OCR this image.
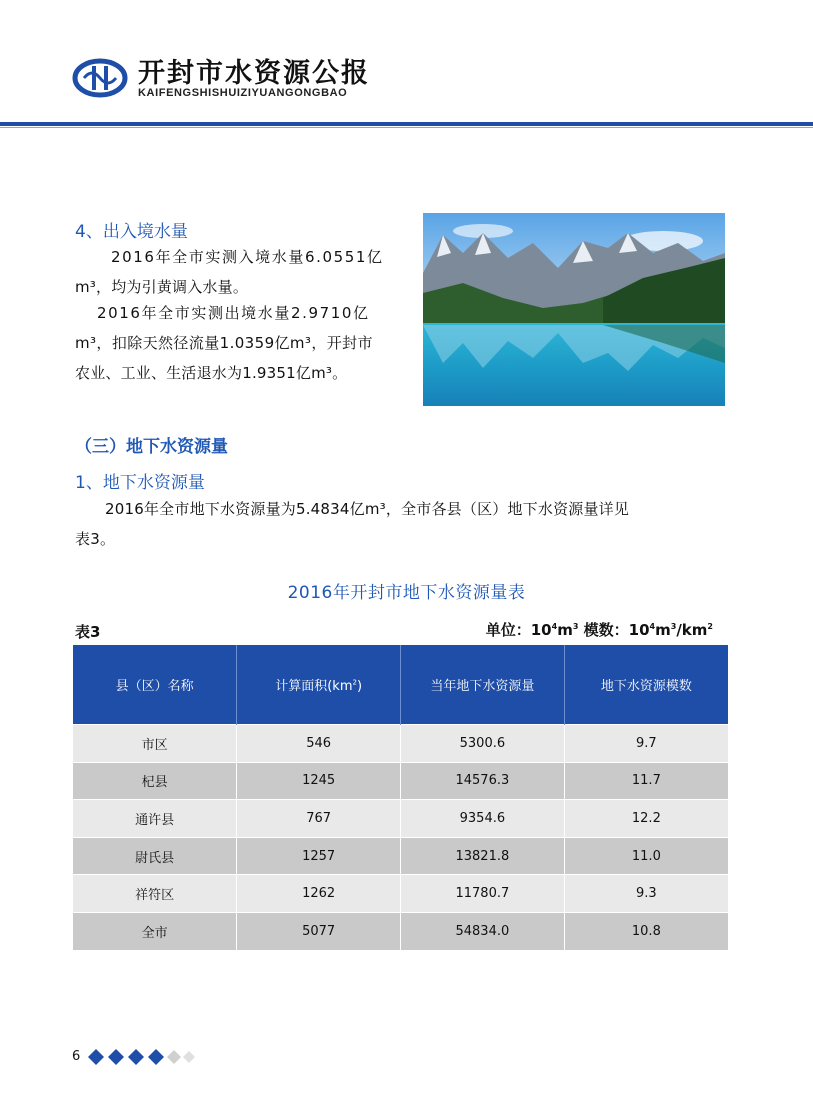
开封市水资源公报
KAIFENGSHISHUIZIYUANGONGBAO
4、出入境水量
2016年全市实测入境水量6.0551亿
m³，均为引黄调入水量。
2016年全市实测出境水量2.9710亿
m³，扣除天然径流量1.0359亿m³，开封市
农业、工业、生活退水为1.9351亿m³。
（三）地下水资源量
1、地下水资源量
2016年全市地下水资源量为5.4834亿m³，全市各县（区）地下水资源量详见
表3。
2016年开封市地下水资源量表
表3	单位：$10^4m^3$ 模数：$10^4m^3/km^2$
县（区）名称	计算面积$(km^2)$	当年地下水资源量	地下水资源模数
市区	546	5300.6	9.7
杞县	1245	14576.3	11.7
通许县	767	9354.6	12.2
尉氏县	1257	13821.8	11.0
祥符区	1262	11780.7	9.3
全市	5077	54834.0	10.8
6
